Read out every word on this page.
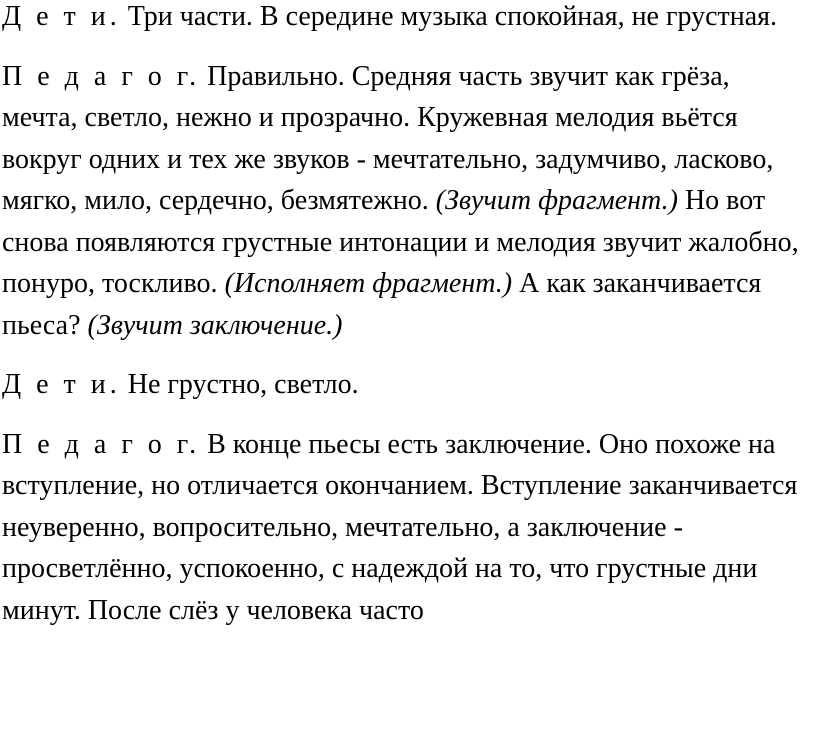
Д е т и. Три части. В середине музыка спокойная, не грустная.

П е д а г о г. Правильно. Средняя часть звучит как грёза, мечта, светло, нежно и прозрачно. Кружевная мелодия вьётся вокруг одних и тех же звуков - мечтательно, задумчиво, ласково, мягко, мило, сердечно, безмятежно. (Звучит фрагмент.) Но вот снова появляются грустные интонации и мелодия звучит жалобно, понуро, тоскливо. (Исполняет фрагмент.) А как заканчивается пьеса? (Звучит заключение.)

Д е т и. Не грустно, светло.

П е д а г о г. В конце пьесы есть заключение. Оно похоже на вступление, но отличается окончанием. Вступление заканчивается неуверенно, вопросительно, мечтательно, а заключение - просветлённо, успокоенно, с надеждой на то, что грустные дни минут. После слёз у человека часто
